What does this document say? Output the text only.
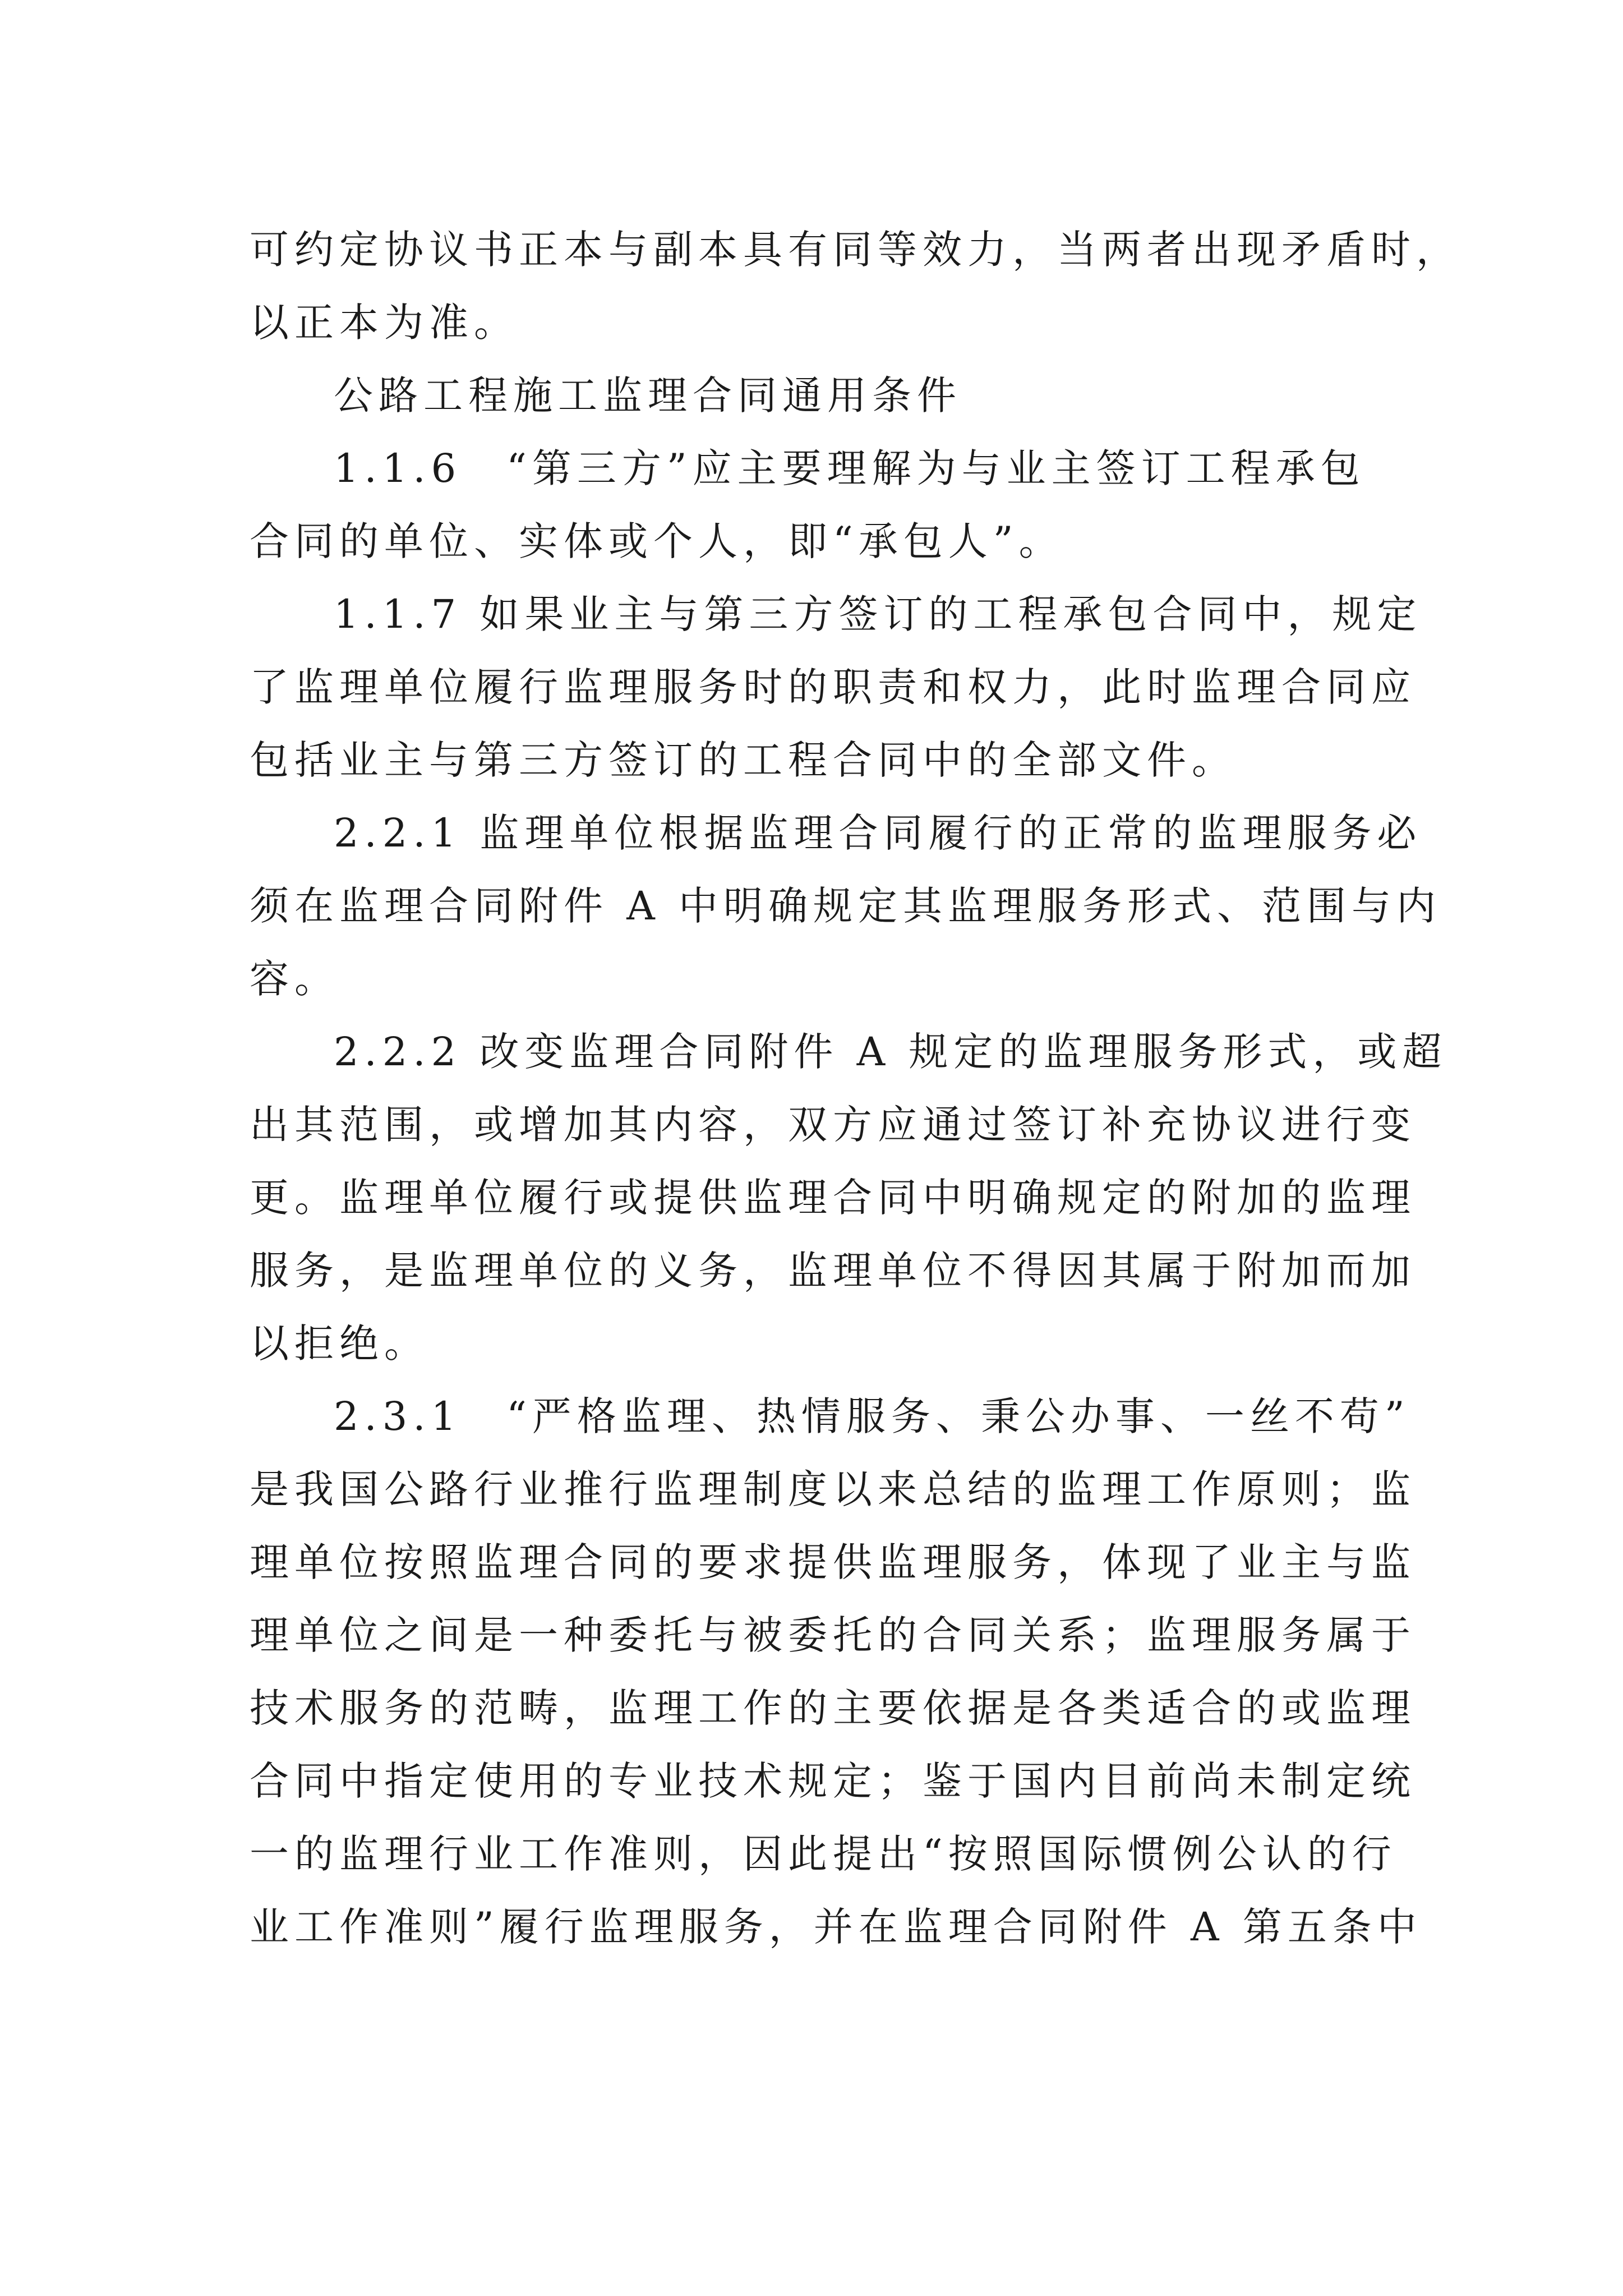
可约定协议书正本与副本具有同等效力，当两者出现矛盾时，

以正本为准。

公路工程施工监理合同通用条件

1.1.6　“第三方”应主要理解为与业主签订工程承包

合同的单位、实体或个人，即“承包人”。

1.1.7 如果业主与第三方签订的工程承包合同中，规定

了监理单位履行监理服务时的职责和权力，此时监理合同应

包括业主与第三方签订的工程合同中的全部文件。

2.2.1 监理单位根据监理合同履行的正常的监理服务必

须在监理合同附件 A 中明确规定其监理服务形式、范围与内

容。

2.2.2 改变监理合同附件 A 规定的监理服务形式，或超

出其范围，或增加其内容，双方应通过签订补充协议进行变

更。监理单位履行或提供监理合同中明确规定的附加的监理

服务，是监理单位的义务，监理单位不得因其属于附加而加

以拒绝。

2.3.1　“严格监理、热情服务、秉公办事、一丝不苟”

是我国公路行业推行监理制度以来总结的监理工作原则；监

理单位按照监理合同的要求提供监理服务，体现了业主与监

理单位之间是一种委托与被委托的合同关系；监理服务属于

技术服务的范畴，监理工作的主要依据是各类适合的或监理

合同中指定使用的专业技术规定；鉴于国内目前尚未制定统

一的监理行业工作准则，因此提出“按照国际惯例公认的行

业工作准则”履行监理服务，并在监理合同附件 A 第五条中
